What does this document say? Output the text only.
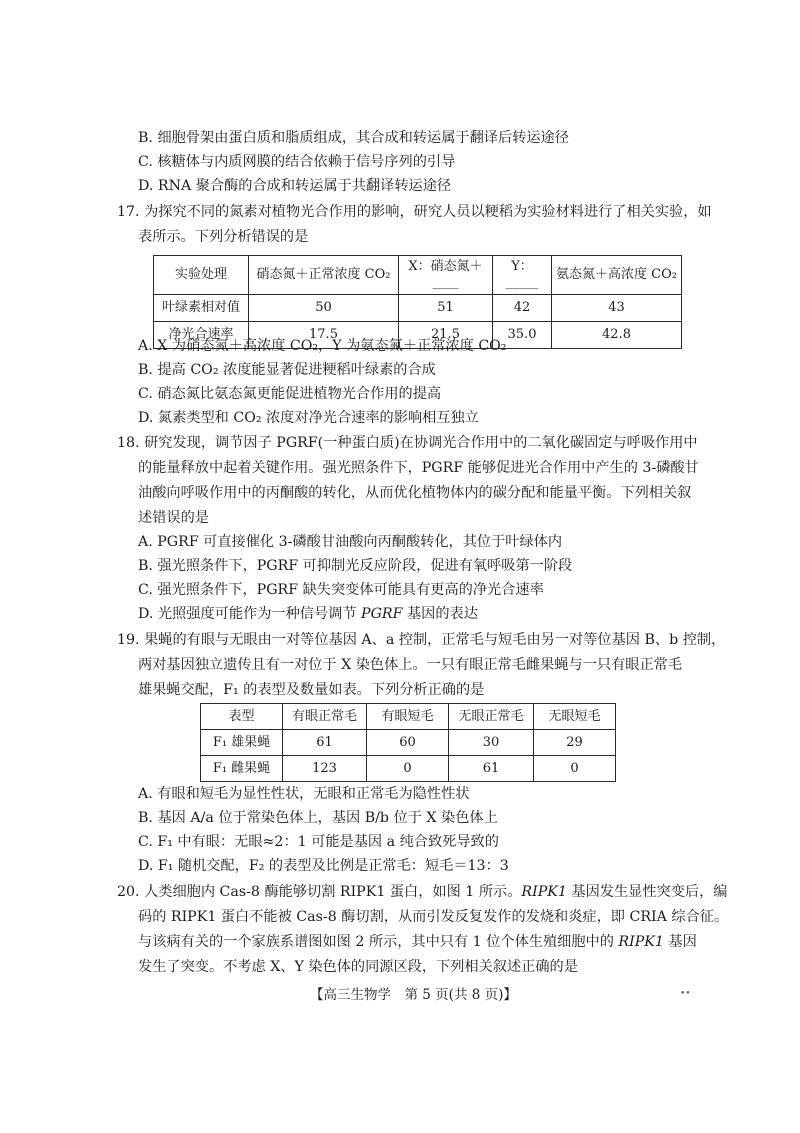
B. 细胞骨架由蛋白质和脂质组成，其合成和转运属于翻译后转运途径
C. 核糖体与内质网膜的结合依赖于信号序列的引导
D. RNA 聚合酶的合成和转运属于共翻译转运途径
17. 为探究不同的氮素对植物光合作用的影响，研究人员以粳稻为实验材料进行了相关实验，如
表所示。下列分析错误的是
实验处理	硝态氮＋正常浓度 CO₂	X：硝态氮＋____	Y：_____	氨态氮＋高浓度 CO₂
叶绿素相对值	50	51	42	43
净光合速率	17.5	21.5	35.0	42.8
A. X 为硝态氮＋高浓度 CO₂，Y 为氨态氮＋正常浓度 CO₂
B. 提高 CO₂ 浓度能显著促进粳稻叶绿素的合成
C. 硝态氮比氨态氮更能促进植物光合作用的提高
D. 氮素类型和 CO₂ 浓度对净光合速率的影响相互独立
18. 研究发现，调节因子 PGRF(一种蛋白质)在协调光合作用中的二氧化碳固定与呼吸作用中
的能量释放中起着关键作用。强光照条件下，PGRF 能够促进光合作用中产生的 3-磷酸甘
油酸向呼吸作用中的丙酮酸的转化，从而优化植物体内的碳分配和能量平衡。下列相关叙
述错误的是
A. PGRF 可直接催化 3-磷酸甘油酸向丙酮酸转化，其位于叶绿体内
B. 强光照条件下，PGRF 可抑制光反应阶段，促进有氧呼吸第一阶段
C. 强光照条件下，PGRF 缺失突变体可能具有更高的净光合速率
D. 光照强度可能作为一种信号调节 PGRF 基因的表达
19. 果蝇的有眼与无眼由一对等位基因 A、a 控制，正常毛与短毛由另一对等位基因 B、b 控制，
两对基因独立遗传且有一对位于 X 染色体上。一只有眼正常毛雌果蝇与一只有眼正常毛
雄果蝇交配，F₁ 的表型及数量如表。下列分析正确的是
表型	有眼正常毛	有眼短毛	无眼正常毛	无眼短毛
F₁ 雄果蝇	61	60	30	29
F₁ 雌果蝇	123	0	61	0
A. 有眼和短毛为显性性状，无眼和正常毛为隐性性状
B. 基因 A/a 位于常染色体上，基因 B/b 位于 X 染色体上
C. F₁ 中有眼：无眼≈2：1 可能是基因 a 纯合致死导致的
D. F₁ 随机交配，F₂ 的表型及比例是正常毛：短毛＝13：3
20. 人类细胞内 Cas-8 酶能够切割 RIPK1 蛋白，如图 1 所示。RIPK1 基因发生显性突变后，编
码的 RIPK1 蛋白不能被 Cas-8 酶切割，从而引发反复发作的发烧和炎症，即 CRIA 综合征。
与该病有关的一个家族系谱图如图 2 所示，其中只有 1 位个体生殖细胞中的 RIPK1 基因
发生了突变。不考虑 X、Y 染色体的同源区段，下列相关叙述正确的是
【高三生物学　第 5 页(共 8 页)】	••
